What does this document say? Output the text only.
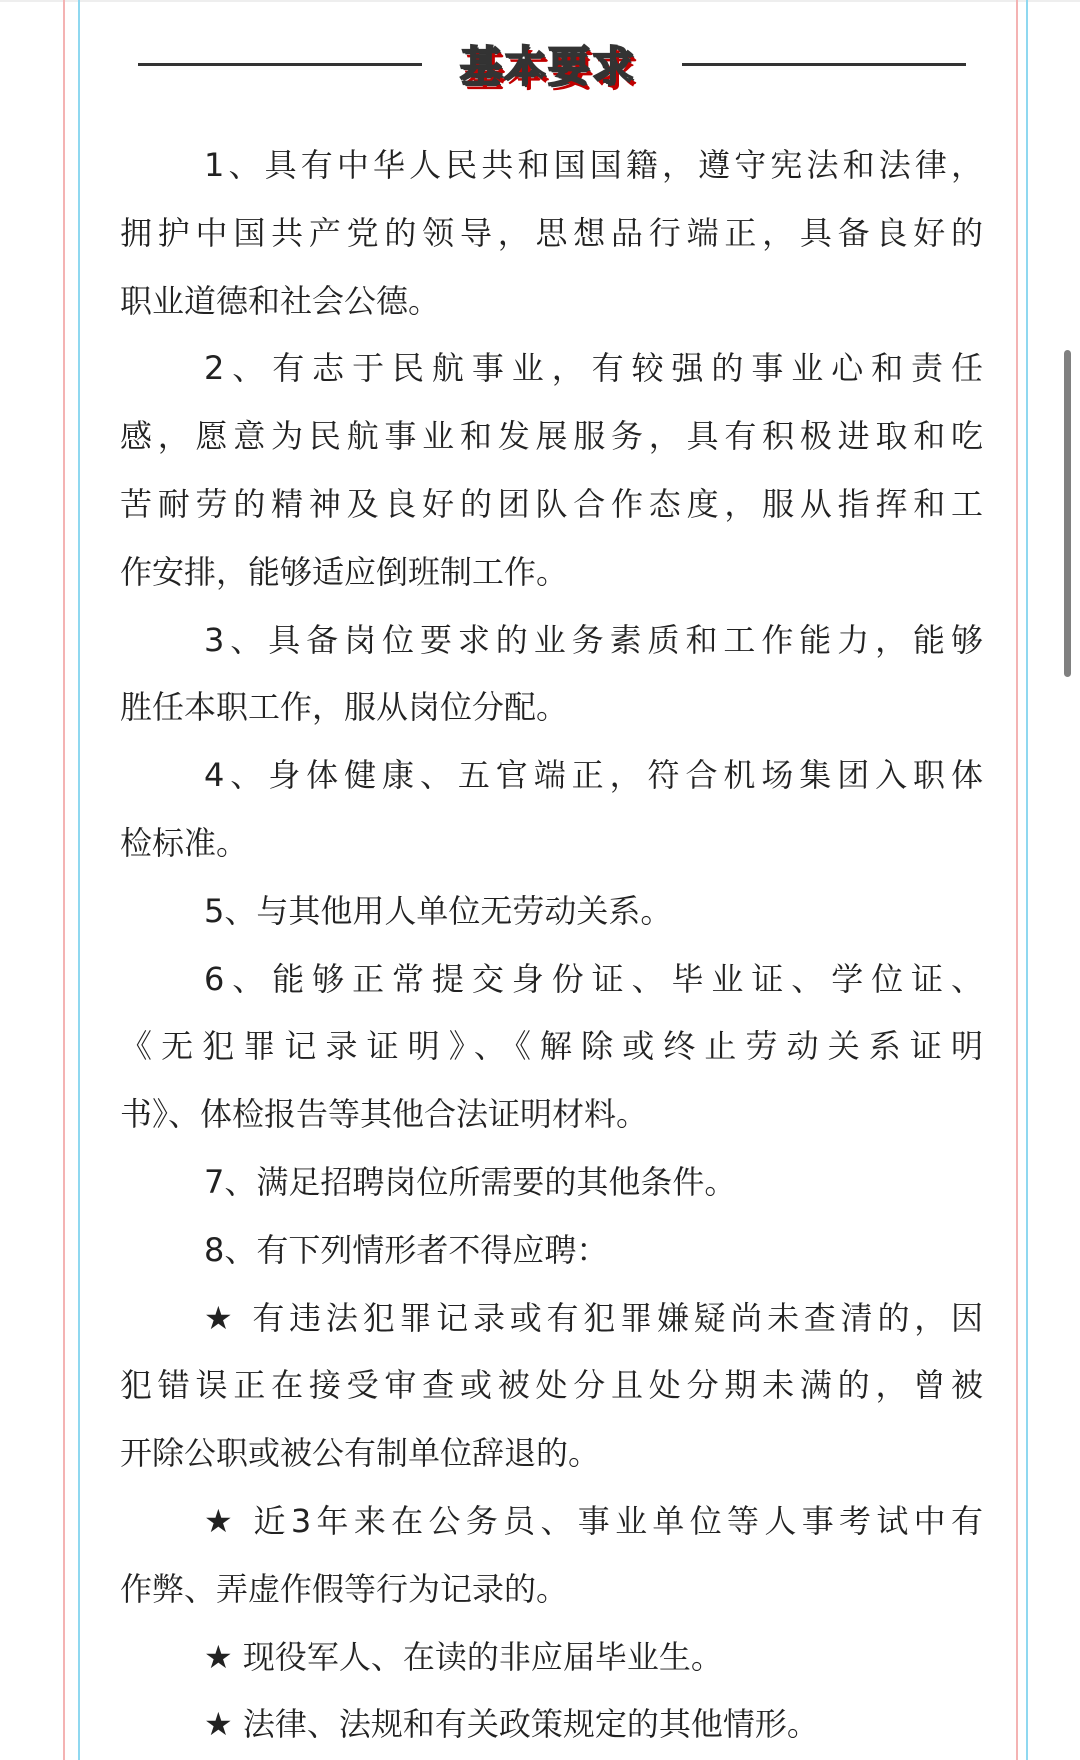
基本要求
1、具有中华人民共和国国籍，遵守宪法和法律，
拥护中国共产党的领导，思想品行端正，具备良好的
职业道德和社会公德。
2、有志于民航事业，有较强的事业心和责任
感，愿意为民航事业和发展服务，具有积极进取和吃
苦耐劳的精神及良好的团队合作态度，服从指挥和工
作安排，能够适应倒班制工作。
3、具备岗位要求的业务素质和工作能力，能够
胜任本职工作，服从岗位分配。
4、身体健康、五官端正，符合机场集团入职体
检标准。
5、与其他用人单位无劳动关系。
6、能够正常提交身份证、毕业证、学位证、
《无犯罪记录证明》、《解除或终止劳动关系证明
书》、体检报告等其他合法证明材料。
7、满足招聘岗位所需要的其他条件。
8、有下列情形者不得应聘：
★ 有违法犯罪记录或有犯罪嫌疑尚未查清的，因
犯错误正在接受审查或被处分且处分期未满的，曾被
开除公职或被公有制单位辞退的。
★ 近3年来在公务员、事业单位等人事考试中有
作弊、弄虚作假等行为记录的。
★ 现役军人、在读的非应届毕业生。
★ 法律、法规和有关政策规定的其他情形。
